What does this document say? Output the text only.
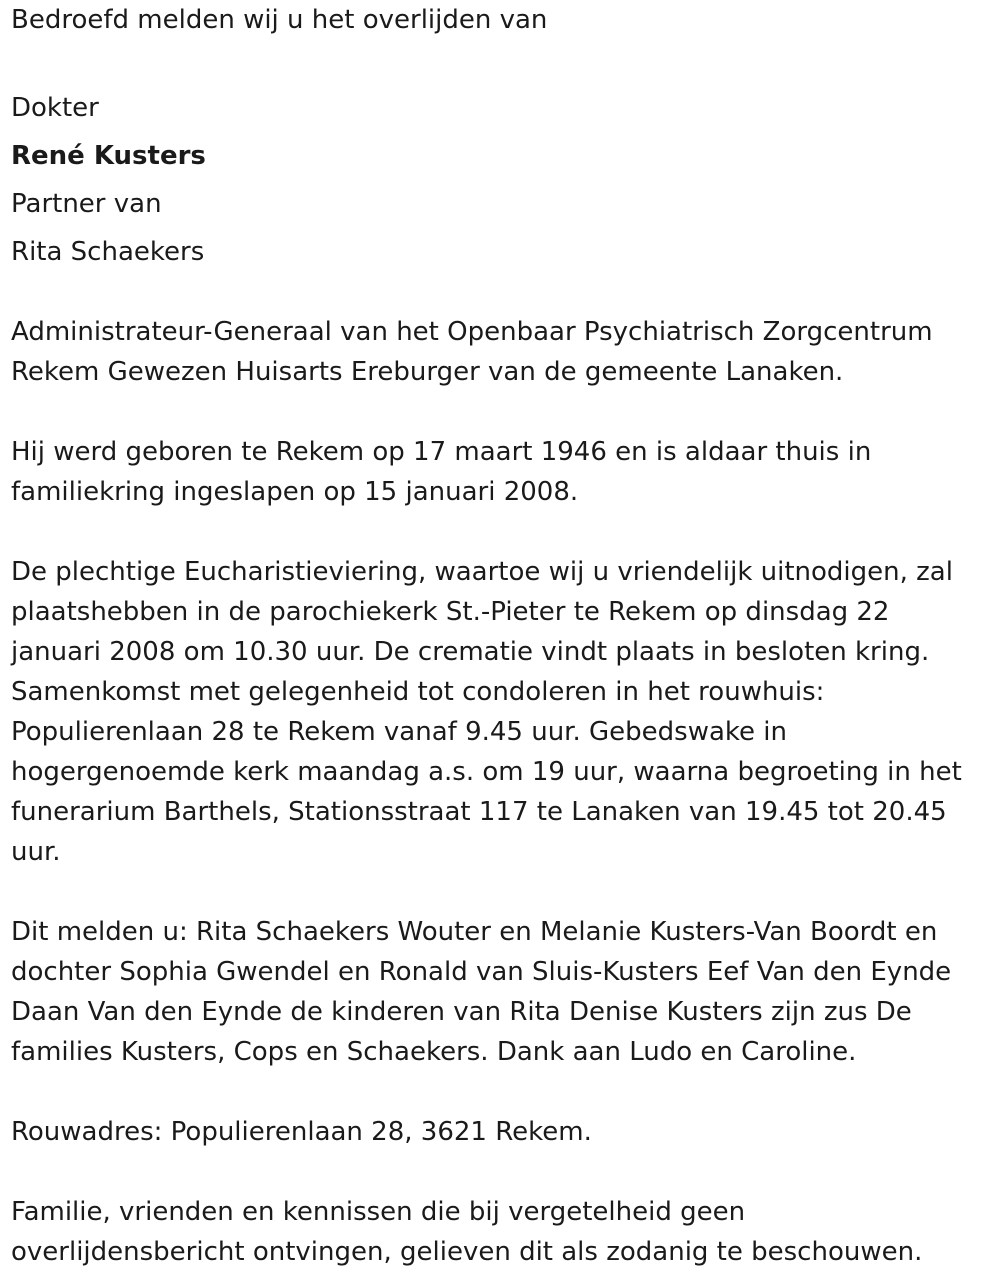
Bedroefd melden wij u het overlijden van

Dokter

René Kusters

Partner van

Rita Schaekers

Administrateur-Generaal van het Openbaar Psychiatrisch Zorgcentrum

Rekem Gewezen Huisarts Ereburger van de gemeente Lanaken.

Hij werd geboren te Rekem op 17 maart 1946 en is aldaar thuis in

familiekring ingeslapen op 15 januari 2008.

De plechtige Eucharistieviering, waartoe wij u vriendelijk uitnodigen, zal

plaatshebben in de parochiekerk St.-Pieter te Rekem op dinsdag 22

januari 2008 om 10.30 uur. De crematie vindt plaats in besloten kring.

Samenkomst met gelegenheid tot condoleren in het rouwhuis:

Populierenlaan 28 te Rekem vanaf 9.45 uur. Gebedswake in

hogergenoemde kerk maandag a.s. om 19 uur, waarna begroeting in het

funerarium Barthels, Stationsstraat 117 te Lanaken van 19.45 tot 20.45

uur.

Dit melden u: Rita Schaekers Wouter en Melanie Kusters-Van Boordt en

dochter Sophia Gwendel en Ronald van Sluis-Kusters Eef Van den Eynde

Daan Van den Eynde de kinderen van Rita Denise Kusters zijn zus De

families Kusters, Cops en Schaekers. Dank aan Ludo en Caroline.

Rouwadres: Populierenlaan 28, 3621 Rekem.

Familie, vrienden en kennissen die bij vergetelheid geen

overlijdensbericht ontvingen, gelieven dit als zodanig te beschouwen.
